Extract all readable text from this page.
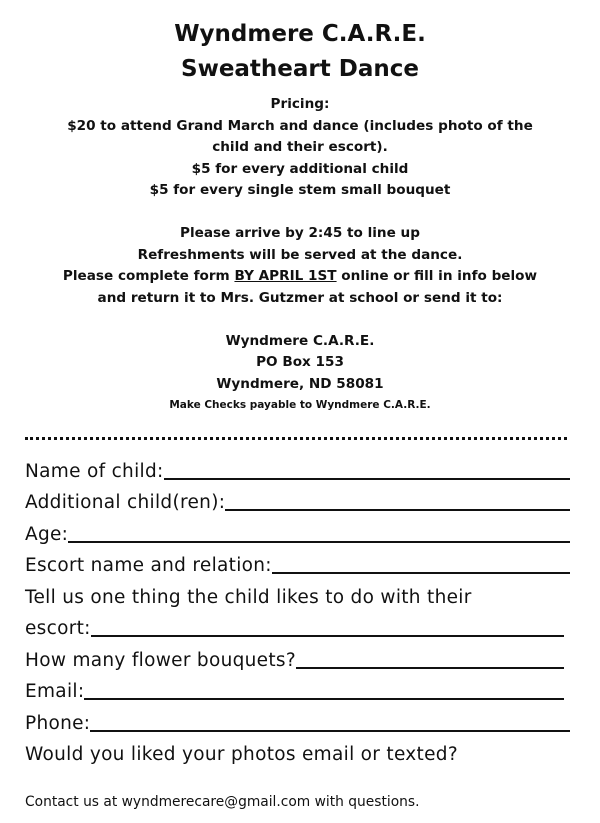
Wyndmere C.A.R.E.
Sweatheart Dance

Pricing:

$20 to attend Grand March and dance (includes photo of the

child and their escort).

$5 for every additional child

$5 for every single stem small bouquet

Please arrive by 2:45 to line up

Refreshments will be served at the dance.

Please complete form BY APRIL 1ST online or fill in info below

and return it to Mrs. Gutzmer at school or send it to:

Wyndmere C.A.R.E.

PO Box 153

Wyndmere, ND 58081

Make Checks payable to Wyndmere C.A.R.E.

Name of child:
Additional child(ren):
Age:
Escort name and relation:
Tell us one thing the child likes to do with their
escort:
How many flower bouquets?
Email:
Phone:
Would you liked your photos email or texted?
Contact us at wyndmerecare@gmail.com with questions.
